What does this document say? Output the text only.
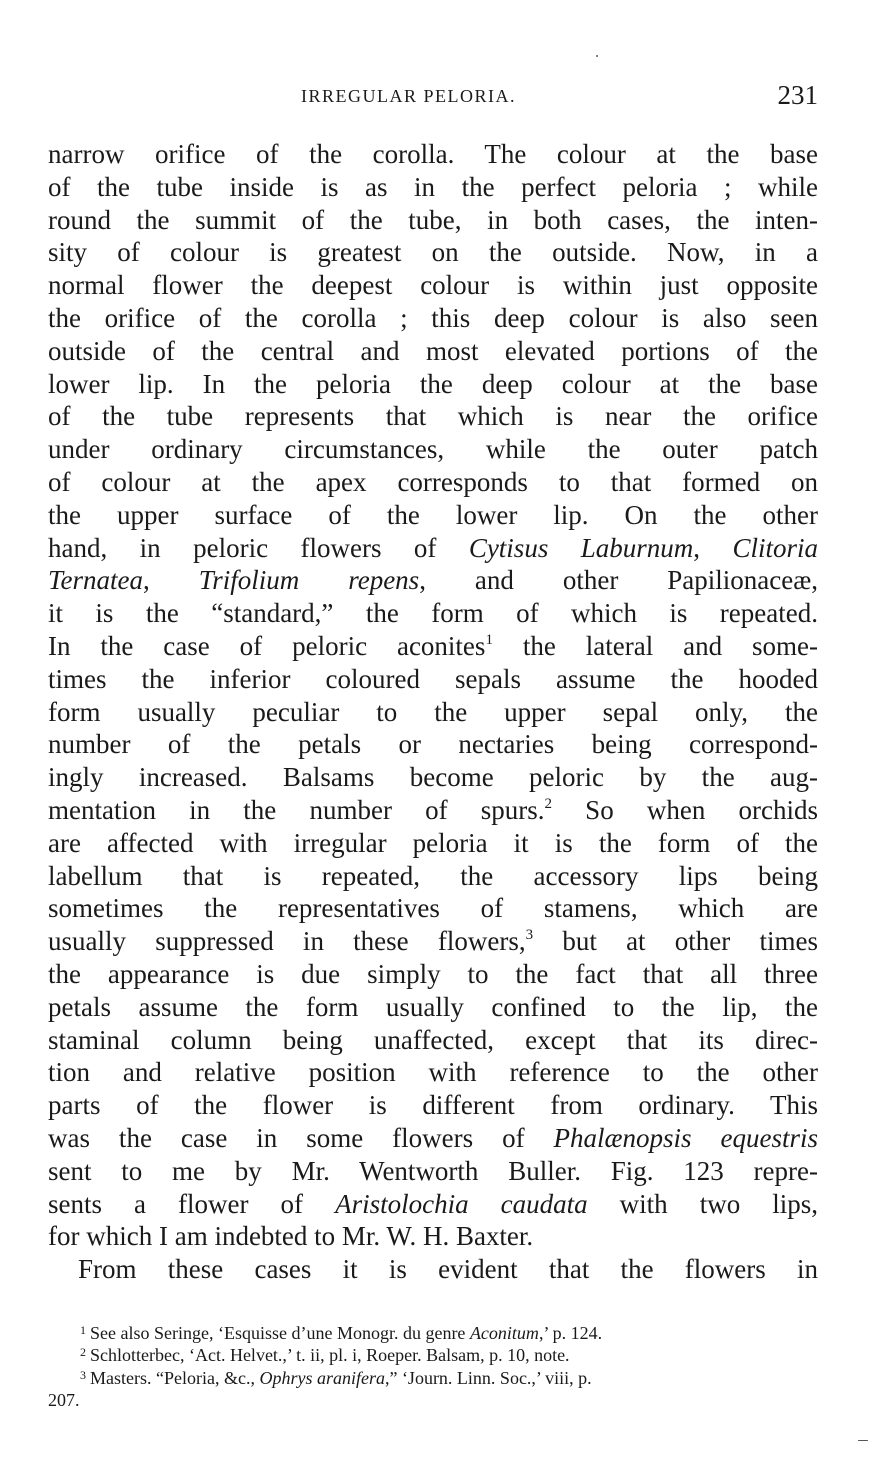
IRREGULAR PELORIA.	231
narrow orifice of the corolla. The colour at the base
of the tube inside is as in the perfect peloria ; while
round the summit of the tube, in both cases, the inten-
sity of colour is greatest on the outside. Now, in a
normal flower the deepest colour is within just opposite
the orifice of the corolla ; this deep colour is also seen
outside of the central and most elevated portions of the
lower lip. In the peloria the deep colour at the base
of the tube represents that which is near the orifice
under ordinary circumstances, while the outer patch
of colour at the apex corresponds to that formed on
the upper surface of the lower lip. On the other
hand, in peloric flowers of Cytisus Laburnum, Clitoria
Ternatea, Trifolium repens, and other Papilionaceæ,
it is the “standard,” the form of which is repeated.
In the case of peloric aconites$^1$ the lateral and some-
times the inferior coloured sepals assume the hooded
form usually peculiar to the upper sepal only, the
number of the petals or nectaries being correspond-
ingly increased. Balsams become peloric by the aug-
mentation in the number of spurs.$^2$ So when orchids
are affected with irregular peloria it is the form of the
labellum that is repeated, the accessory lips being
sometimes the representatives of stamens, which are
usually suppressed in these flowers,$^3$ but at other times
the appearance is due simply to the fact that all three
petals assume the form usually confined to the lip, the
staminal column being unaffected, except that its direc-
tion and relative position with reference to the other
parts of the flower is different from ordinary. This
was the case in some flowers of Phalænopsis equestris
sent to me by Mr. Wentworth Buller. Fig. 123 repre-
sents a flower of Aristolochia caudata with two lips,
for which I am indebted to Mr. W. H. Baxter.
From these cases it is evident that the flowers in
1 See also Seringe, ‘Esquisse d’une Monogr. du genre Aconitum,’ p. 124.
2 Schlotterbec, ‘Act. Helvet.,’ t. ii, pl. i, Roeper. Balsam, p. 10, note.
3 Masters. “Peloria, &c., Ophrys aranifera,” ‘Journ. Linn. Soc.,’ viii, p.
207.
